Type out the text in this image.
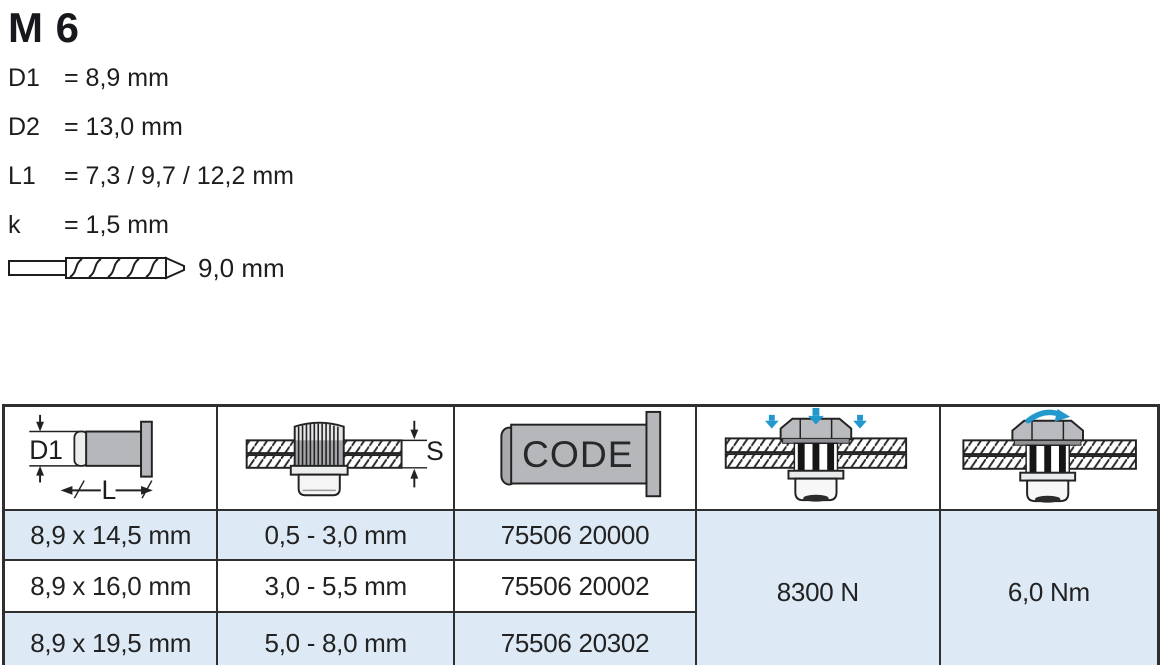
M 6
D1 = 8,9 mm
D2 = 13,0 mm
L1	= 7,3 / 9,7 / 12,2 mm
k	= 1,5 mm
9,0 mm
D1
L	S	CODE

8,9 x 14,5 mm	0,5 - 3,0 mm	75506 20000	8300 N	6,0 Nm
8,9 x 16,0 mm	3,0 - 5,5 mm	75506 20002		
8,9 x 19,5 mm	5,0 - 8,0 mm	75506 20302		
